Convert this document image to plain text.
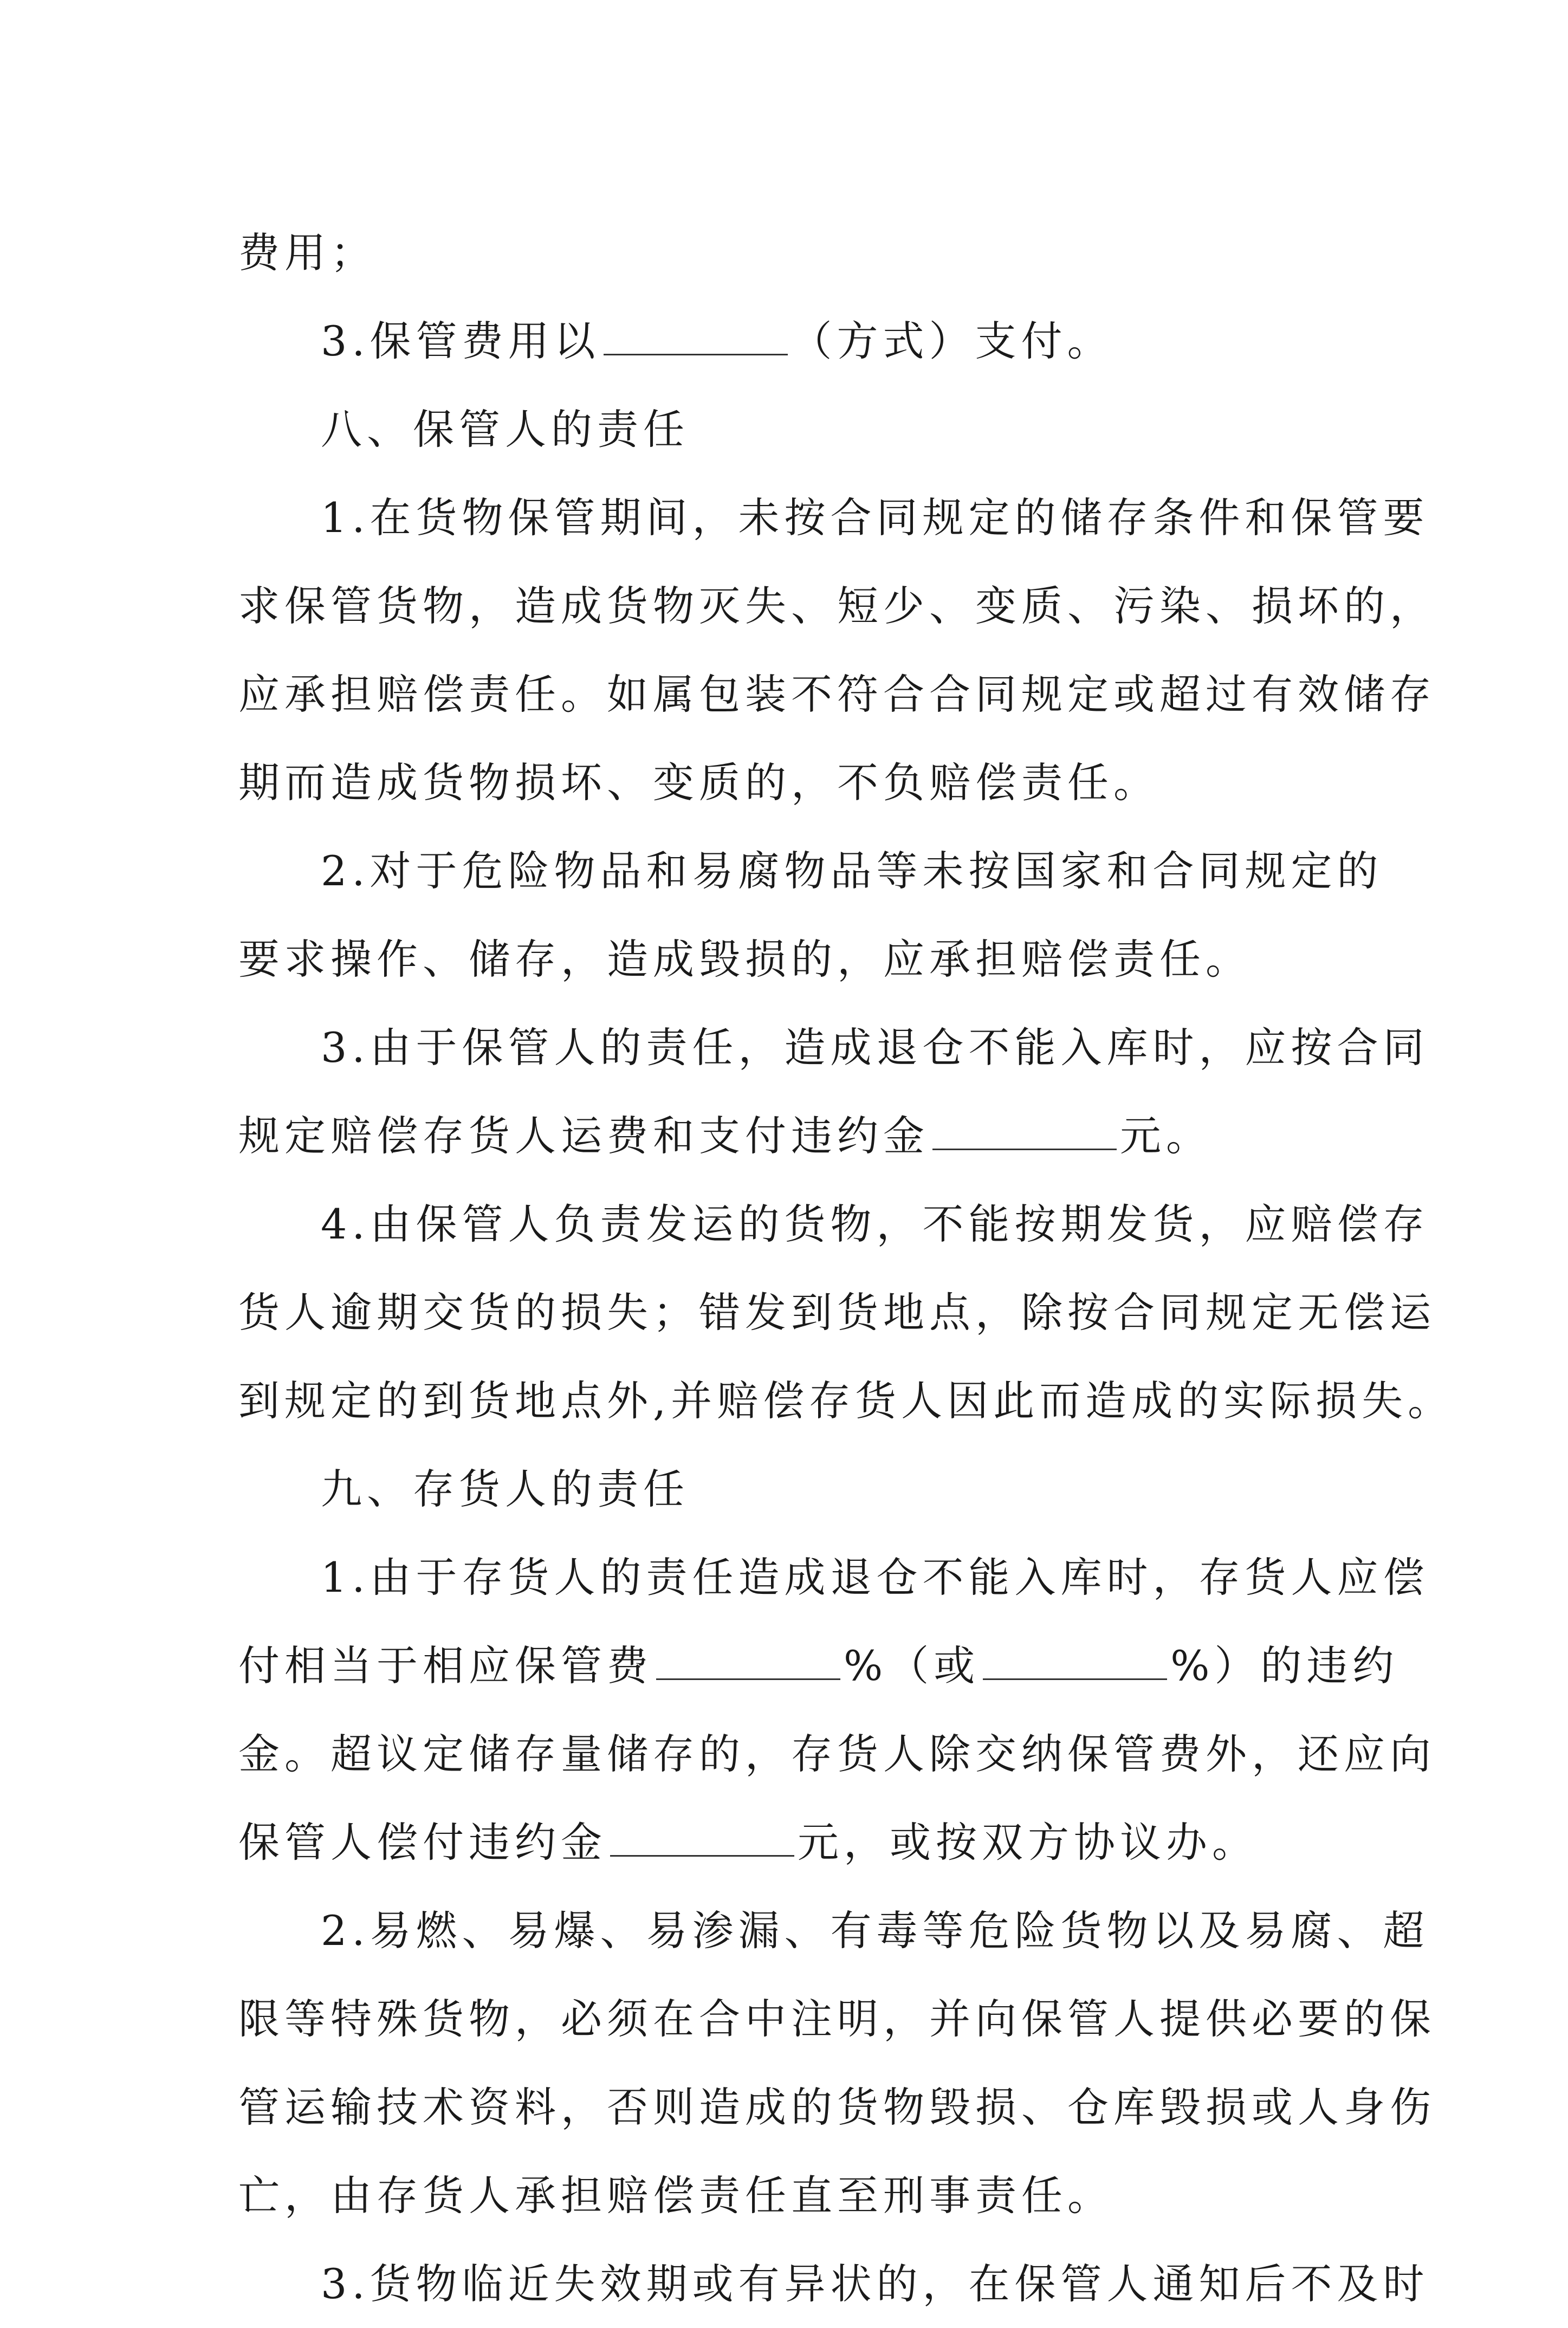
费用；
3.保管费用以	（方式）支付。
八、保管人的责任
1.在货物保管期间，未按合同规定的储存条件和保管要
求保管货物，造成货物灭失、短少、变质、污染、损坏的，
应承担赔偿责任。如属包装不符合合同规定或超过有效储存
期而造成货物损坏、变质的，不负赔偿责任。
2.对于危险物品和易腐物品等未按国家和合同规定的
要求操作、储存，造成毁损的，应承担赔偿责任。
3.由于保管人的责任，造成退仓不能入库时，应按合同
规定赔偿存货人运费和支付违约金	元。
4.由保管人负责发运的货物，不能按期发货，应赔偿存
货人逾期交货的损失；错发到货地点，除按合同规定无偿运
到规定的到货地点外,并赔偿存货人因此而造成的实际损失。
九、存货人的责任
1.由于存货人的责任造成退仓不能入库时，存货人应偿
付相当于相应保管费	%（或	%）的违约
金。超议定储存量储存的，存货人除交纳保管费外，还应向
保管人偿付违约金	元，或按双方协议办。
2.易燃、易爆、易渗漏、有毒等危险货物以及易腐、超
限等特殊货物，必须在合中注明，并向保管人提供必要的保
管运输技术资料，否则造成的货物毁损、仓库毁损或人身伤
亡，由存货人承担赔偿责任直至刑事责任。
3.货物临近失效期或有异状的，在保管人通知后不及时
